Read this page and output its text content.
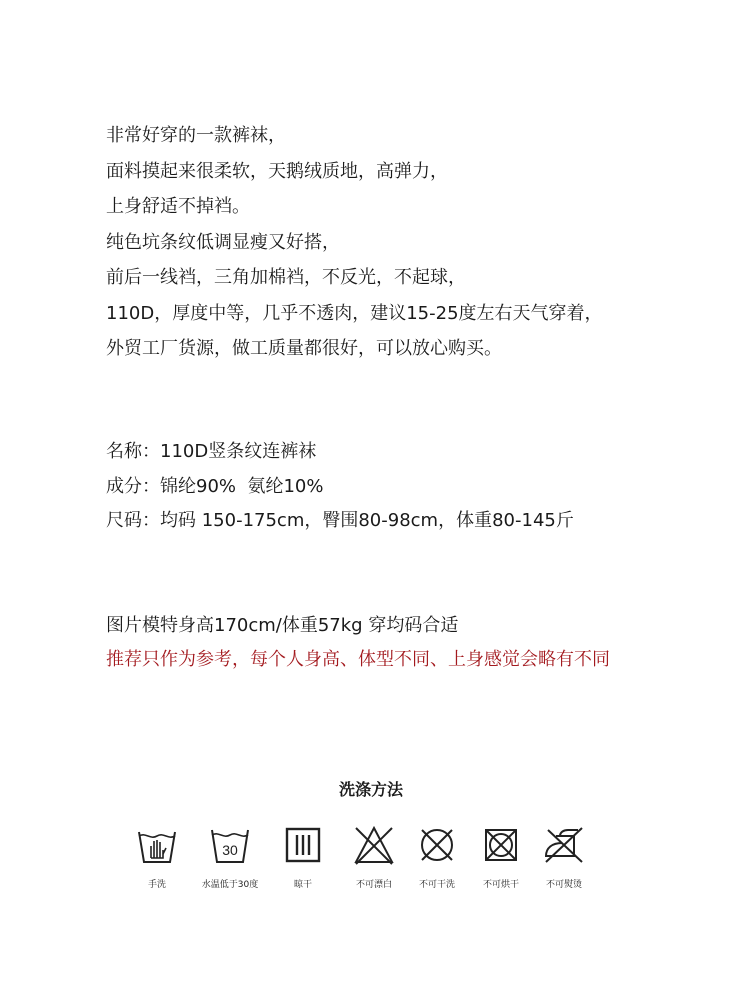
非常好穿的一款裤袜，
面料摸起来很柔软，天鹅绒质地，高弹力，
上身舒适不掉裆。
纯色坑条纹低调显瘦又好搭，
前后一线裆，三角加棉裆，不反光，不起球，
110D，厚度中等，几乎不透肉，建议15-25度左右天气穿着，
外贸工厂货源，做工质量都很好，可以放心购买。
名称：110D竖条纹连裤袜
成分：锦纶90%  氨纶10%
尺码：均码 150-175cm，臀围80-98cm，体重80-145斤
图片模特身高170cm/体重57kg 穿均码合适
推荐只作为参考，每个人身高、体型不同、上身感觉会略有不同
洗涤方法
手洗
30
水温低于30度	晾干	不可漂白	不可干洗	不可烘干	不可熨烫
